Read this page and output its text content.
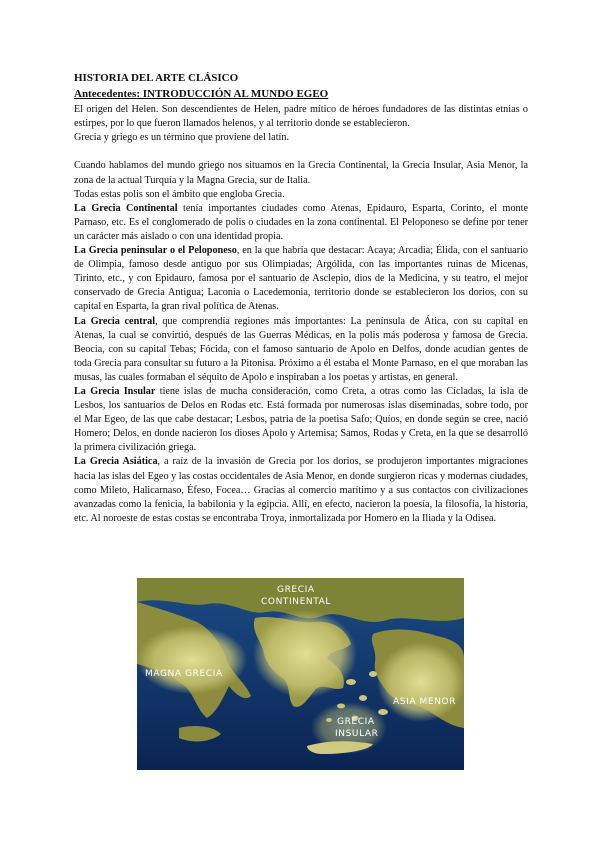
HISTORIA DEL ARTE CLÁSICO
Antecedentes: INTRODUCCIÓN AL MUNDO EGEO

El origen del Helen. Son descendientes de Helen, padre mítico de héroes fundadores de las distintas etnias o estirpes, por lo que fueron llamados helenos, y al territorio donde se establecieron.

Grecia y griego es un término que proviene del latín.

Cuando hablamos del mundo griego nos situamos en la Grecia Continental, la Grecia Insular, Asia Menor, la zona de la actual Turquía y la Magna Grecia, sur de Italia.

Todas estas polis son el ámbito que engloba Grecia.

La Grecia Continental tenía importantes ciudades como Atenas, Epidauro, Esparta, Corinto, el monte Parnaso, etc. Es el conglomerado de polis o ciudades en la zona continental. El Peloponeso se define por tener un carácter más aislado o con una identidad propia.

La Grecia peninsular o el Peloponeso, en la que habría que destacar: Acaya; Arcadia; Élida, con el santuario de Olimpia, famoso desde antiguo por sus Olimpiadas; Argólida, con las importantes ruinas de Micenas, Tirinto, etc., y con Epidauro, famosa por el santuario de Asclepio, dios de la Medicina, y su teatro, el mejor conservado de Grecia Antigua; Laconia o Lacedemonia, territorio donde se establecieron los dorios, con su capital en Esparta, la gran rival política de Atenas.

La Grecia central, que comprendía regiones más importantes: La península de Ática, con su capital en Atenas, la cual se convirtió, después de las Guerras Médicas, en la polis más poderosa y famosa de Grecia. Beocia, con su capital Tebas; Fócida, con el famoso santuario de Apolo en Delfos, donde acudían gentes de toda Grecia para consultar su futuro a la Pitonisa. Próximo a él estaba el Monte Parnaso, en el que moraban las musas, las cuales formaban el séquito de Apolo e inspiraban a los poetas y artistas, en general.

La Grecia Insular tiene islas de mucha consideración, como Creta, a otras como las Cícladas, la isla de Lesbos, los santuarios de Delos en Rodas etc. Está formada por numerosas islas diseminadas, sobre todo, por el Mar Egeo, de las que cabe destacar; Lesbos, patria de la poetisa Safo; Quíos, en donde según se cree, nació Homero; Delos, en donde nacieron los dioses Apolo y Artemisa; Samos, Rodas y Creta, en la que se desarrolló la primera civilización griega.

La Grecia Asiática, a raíz de la invasión de Grecia por los dorios, se produjeron importantes migraciones hacia las islas del Egeo y las costas occidentales de Asia Menor, en donde surgieron ricas y modernas ciudades, como Mileto, Halicarnaso, Éfeso, Focea… Gracias al comercio marítimo y a sus contactos con civilizaciones avanzadas como la fenicia, la babilonia y la egipcia. Allí, en efecto, nacieron la poesía, la filosofía, la historia, etc. Al noroeste de estas costas se encontraba Troya, inmortalizada por Homero en la Iliada y la Odisea.

GRECIA
CONTINENTAL
MAGNA GRECIA
ASIA MENOR
GRECIA
INSULAR
